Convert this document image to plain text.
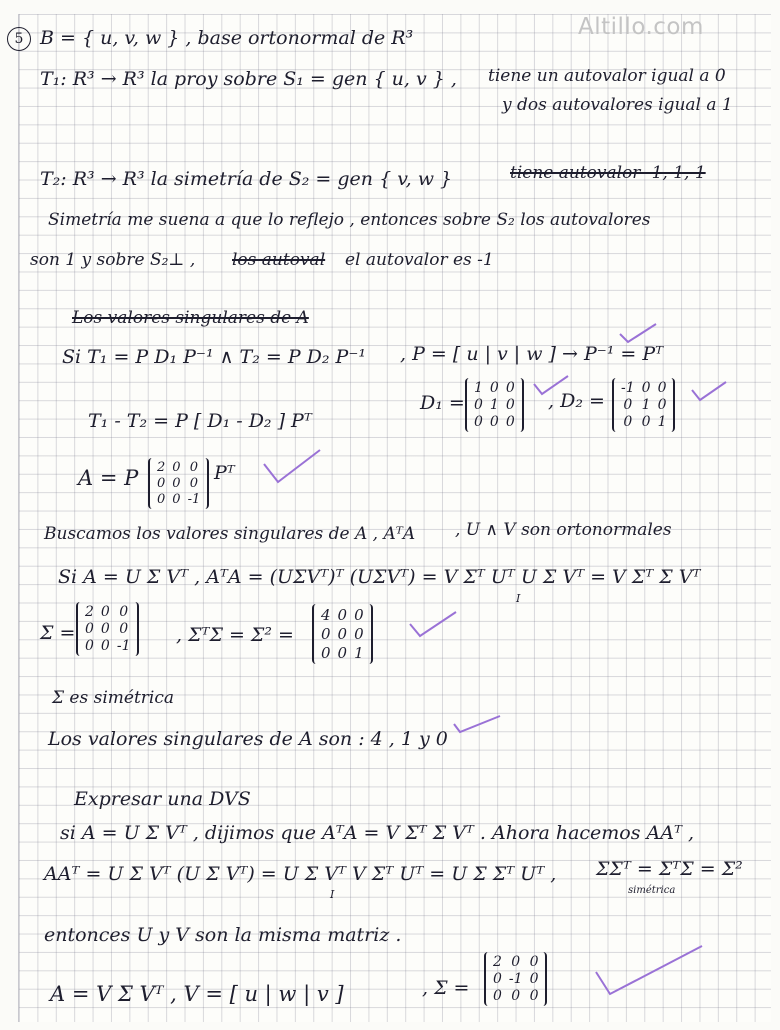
Altillo.com
5 B = { u, v, w } , base ortonormal de R³
T₁: R³ → R³ la proy sobre S₁ = gen { u, v } , tiene un autovalor igual a 0
y dos autovalores igual a 1
T₂: R³ → R³ la simetría de S₂ = gen { v, w }	tiene autovalor -1, 1, 1
Simetría me suena a que lo reflejo , entonces sobre S₂ los autovalores
son 1 y sobre S₂⊥ , los autoval el autovalor es -1
Los valores singulares de A
Si T₁ = P D₁ P⁻¹ ∧ T₂ = P D₂ P⁻¹ , P = [ u | v | w ] → P⁻¹ = Pᵀ
D₁ =
1 0 0
0 1 0
0 0 0
, D₂ =
-1 0 0
0 1 0
0 0 1
T₁ - T₂ = P [ D₁ - D₂ ] Pᵀ
A = P 2 0 0
0 0 0
0 0 -1
Pᵀ
Buscamos los valores singulares de A , AᵀA , U ∧ V son ortonormales
Si A = U Σ Vᵀ , AᵀA = (UΣVᵀ)ᵀ (UΣVᵀ) = V Σᵀ Uᵀ U Σ Vᵀ = V Σᵀ Σ Vᵀ
I
Σ =
2 0 0
0 0 0
0 0 -1 , ΣᵀΣ = Σ² =
4 0 0
0 0 0
0 0 1
Σ es simétrica
Los valores singulares de A son : 4 , 1 y 0
Expresar una DVS
si A = U Σ Vᵀ , dijimos que AᵀA = V Σᵀ Σ Vᵀ . Ahora hacemos AAᵀ ,
AAᵀ = U Σ Vᵀ (U Σ Vᵀ) = U Σ Vᵀ V Σᵀ Uᵀ = U Σ Σᵀ Uᵀ ,
I
ΣΣᵀ = ΣᵀΣ = Σ²
simétrica
entonces U y V son la misma matriz .
A = V Σ Vᵀ , V = [ u | w | v ]	, Σ =
2 0 0
0 -1 0
0 0 0
